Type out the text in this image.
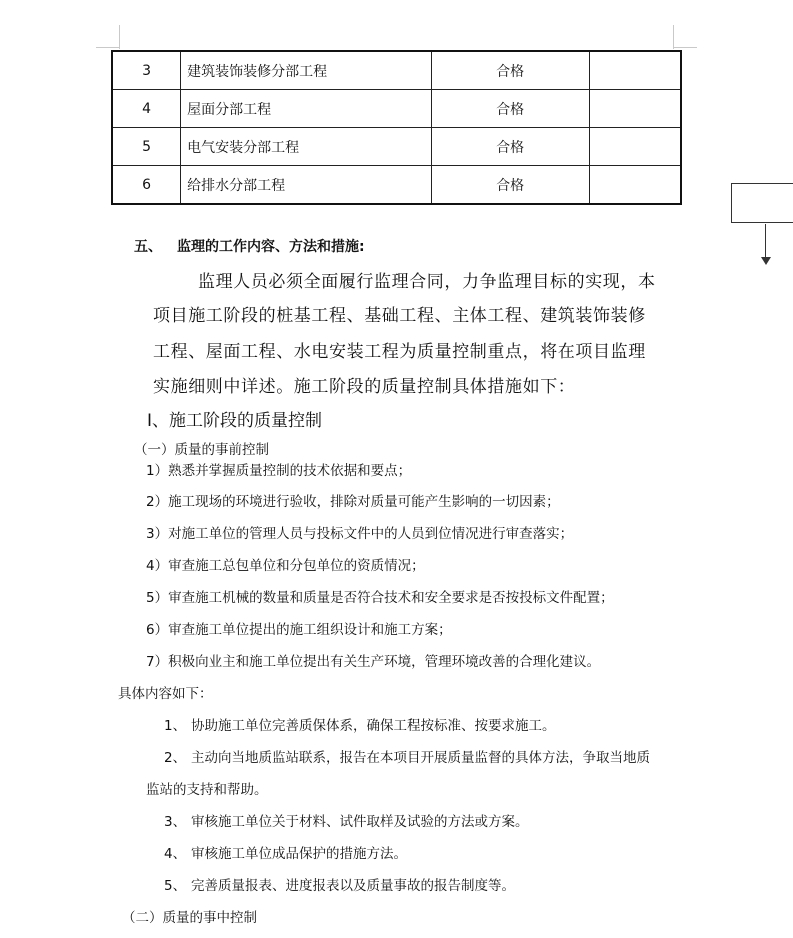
3	建筑装饰装修分部工程	合格	
4	屋面分部工程	合格	
5	电气安装分部工程	合格	
6	给排水分部工程	合格	
五、 监理的工作内容、方法和措施:
监理人员必须全面履行监理合同，力争监理目标的实现，本
项目施工阶段的桩基工程、基础工程、主体工程、建筑装饰装修
工程、屋面工程、水电安装工程为质量控制重点，将在项目监理
实施细则中详述。施工阶段的质量控制具体措施如下：
Ⅰ、施工阶段的质量控制
（一）质量的事前控制
1）熟悉并掌握质量控制的技术依据和要点；
2）施工现场的环境进行验收，排除对质量可能产生影响的一切因素；
3）对施工单位的管理人员与投标文件中的人员到位情况进行审查落实；
4）审查施工总包单位和分包单位的资质情况；
5）审查施工机械的数量和质量是否符合技术和安全要求是否按投标文件配置；
6）审查施工单位提出的施工组织设计和施工方案；
7）积极向业主和施工单位提出有关生产环境，管理环境改善的合理化建议。
具体内容如下：
1、 协助施工单位完善质保体系，确保工程按标准、按要求施工。
2、 主动向当地质监站联系，报告在本项目开展质量监督的具体方法，争取当地质
监站的支持和帮助。
3、 审核施工单位关于材料、试件取样及试验的方法或方案。
4、 审核施工单位成品保护的措施方法。
5、 完善质量报表、进度报表以及质量事故的报告制度等。
（二）质量的事中控制
